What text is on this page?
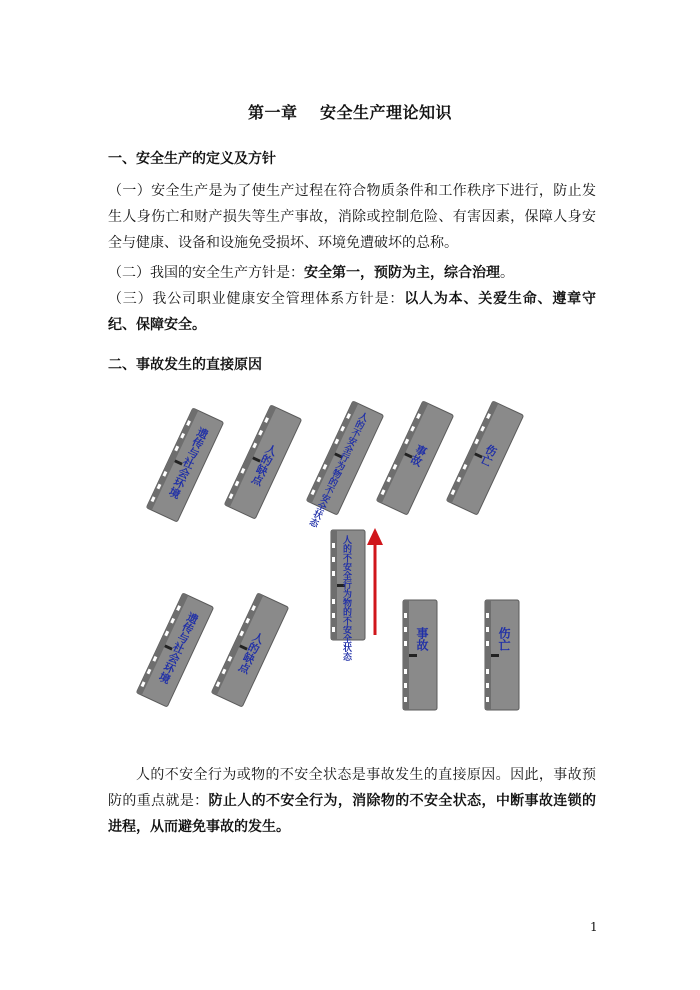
第一章　 安全生产理论知识
一、安全生产的定义及方针

（一）安全生产是为了使生产过程在符合物质条件和工作秩序下进行，防止发生人身伤亡和财产损失等生产事故，消除或控制危险、有害因素，保障人身安全与健康、设备和设施免受损坏、环境免遭破坏的总称。

（二）我国的安全生产方针是：安全第一，预防为主，综合治理。

（三）我公司职业健康安全管理体系方针是：以人为本、关爱生命、遵章守纪、保障安全。

二、事故发生的直接原因
遗传与社会环境	人的缺点	人的不安全行为物的不安全状态	事故	伤亡
人的不安全行为物的不安全状态
遗传与社会环境	人的缺点	事故	伤亡

人的不安全行为或物的不安全状态是事故发生的直接原因。因此，事故预防的重点就是：防止人的不安全行为，消除物的不安全状态，中断事故连锁的进程，从而避免事故的发生。

1
